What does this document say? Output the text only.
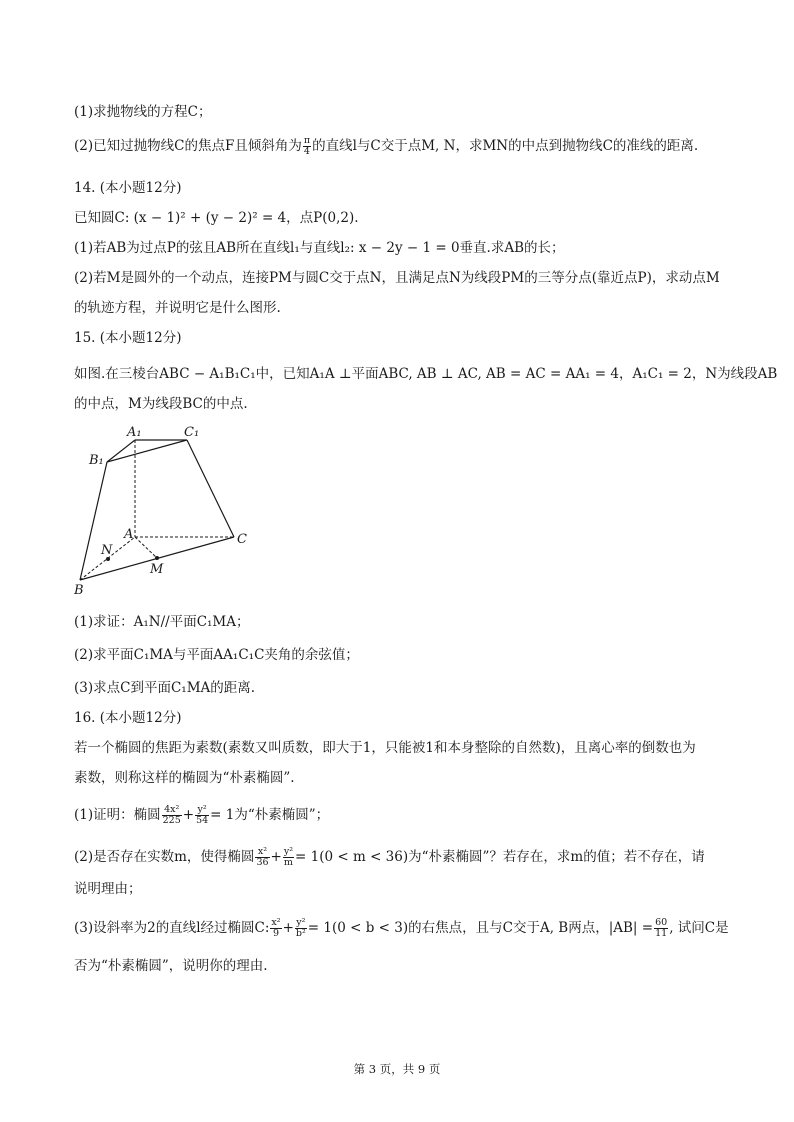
(1)求抛物线的方程C；
(2)已知过抛物线C的焦点F且倾斜角为 $\frac{\pi}{4}$ 的直线l与C交于点M, N，求MN的中点到抛物线C的准线的距离.
14. (本小题12分)
已知圆C: (x − 1)² + (y − 2)² = 4，点P(0,2).
(1)若AB为过点P的弦且AB所在直线l₁与直线l₂: x − 2y − 1 = 0垂直.求AB的长；
(2)若M是圆外的一个动点，连接PM与圆C交于点N，且满足点N为线段PM的三等分点(靠近点P)，求动点M
的轨迹方程，并说明它是什么图形.
15. (本小题12分)
如图.在三棱台ABC − A₁B₁C₁中，已知A₁A ⊥平面ABC, AB ⊥ AC, AB = AC = AA₁ = 4，A₁C₁ = 2，N为线段AB
的中点，M为线段BC的中点.
A₁	C₁
B₁
A	C
N
M
B
(1)求证：A₁N//平面C₁MA；
(2)求平面C₁MA与平面AA₁C₁C夹角的余弦值；
(3)求点C到平面C₁MA的距离.
16. (本小题12分)
若一个椭圆的焦距为素数(素数又叫质数，即大于1，只能被1和本身整除的自然数)，且离心率的倒数也为
素数，则称这样的椭圆为“朴素椭圆”.
(1)证明：椭圆 $\frac{\text{4x²}}{225} + \frac{\text{y²}}{54} = 1$为“朴素椭圆”；
(2)是否存在实数m，使得椭圆 $\frac{\text{x²}}{36} + \frac{\text{y²}}{m} = 1(0 < m < 36)$为“朴素椭圆”？若存在，求m的值；若不存在，请
说明理由；
(3)设斜率为2的直线l经过椭圆C: $\frac{\text{x²}}{9} + \frac{\text{y²}}{\text{b²}} = 1(0 < b < 3)$的右焦点，且与C交于A, B两点，$|AB| = \frac{60}{11}$ , 试问C是
否为“朴素椭圆”，说明你的理由.
第 3 页，共 9 页
